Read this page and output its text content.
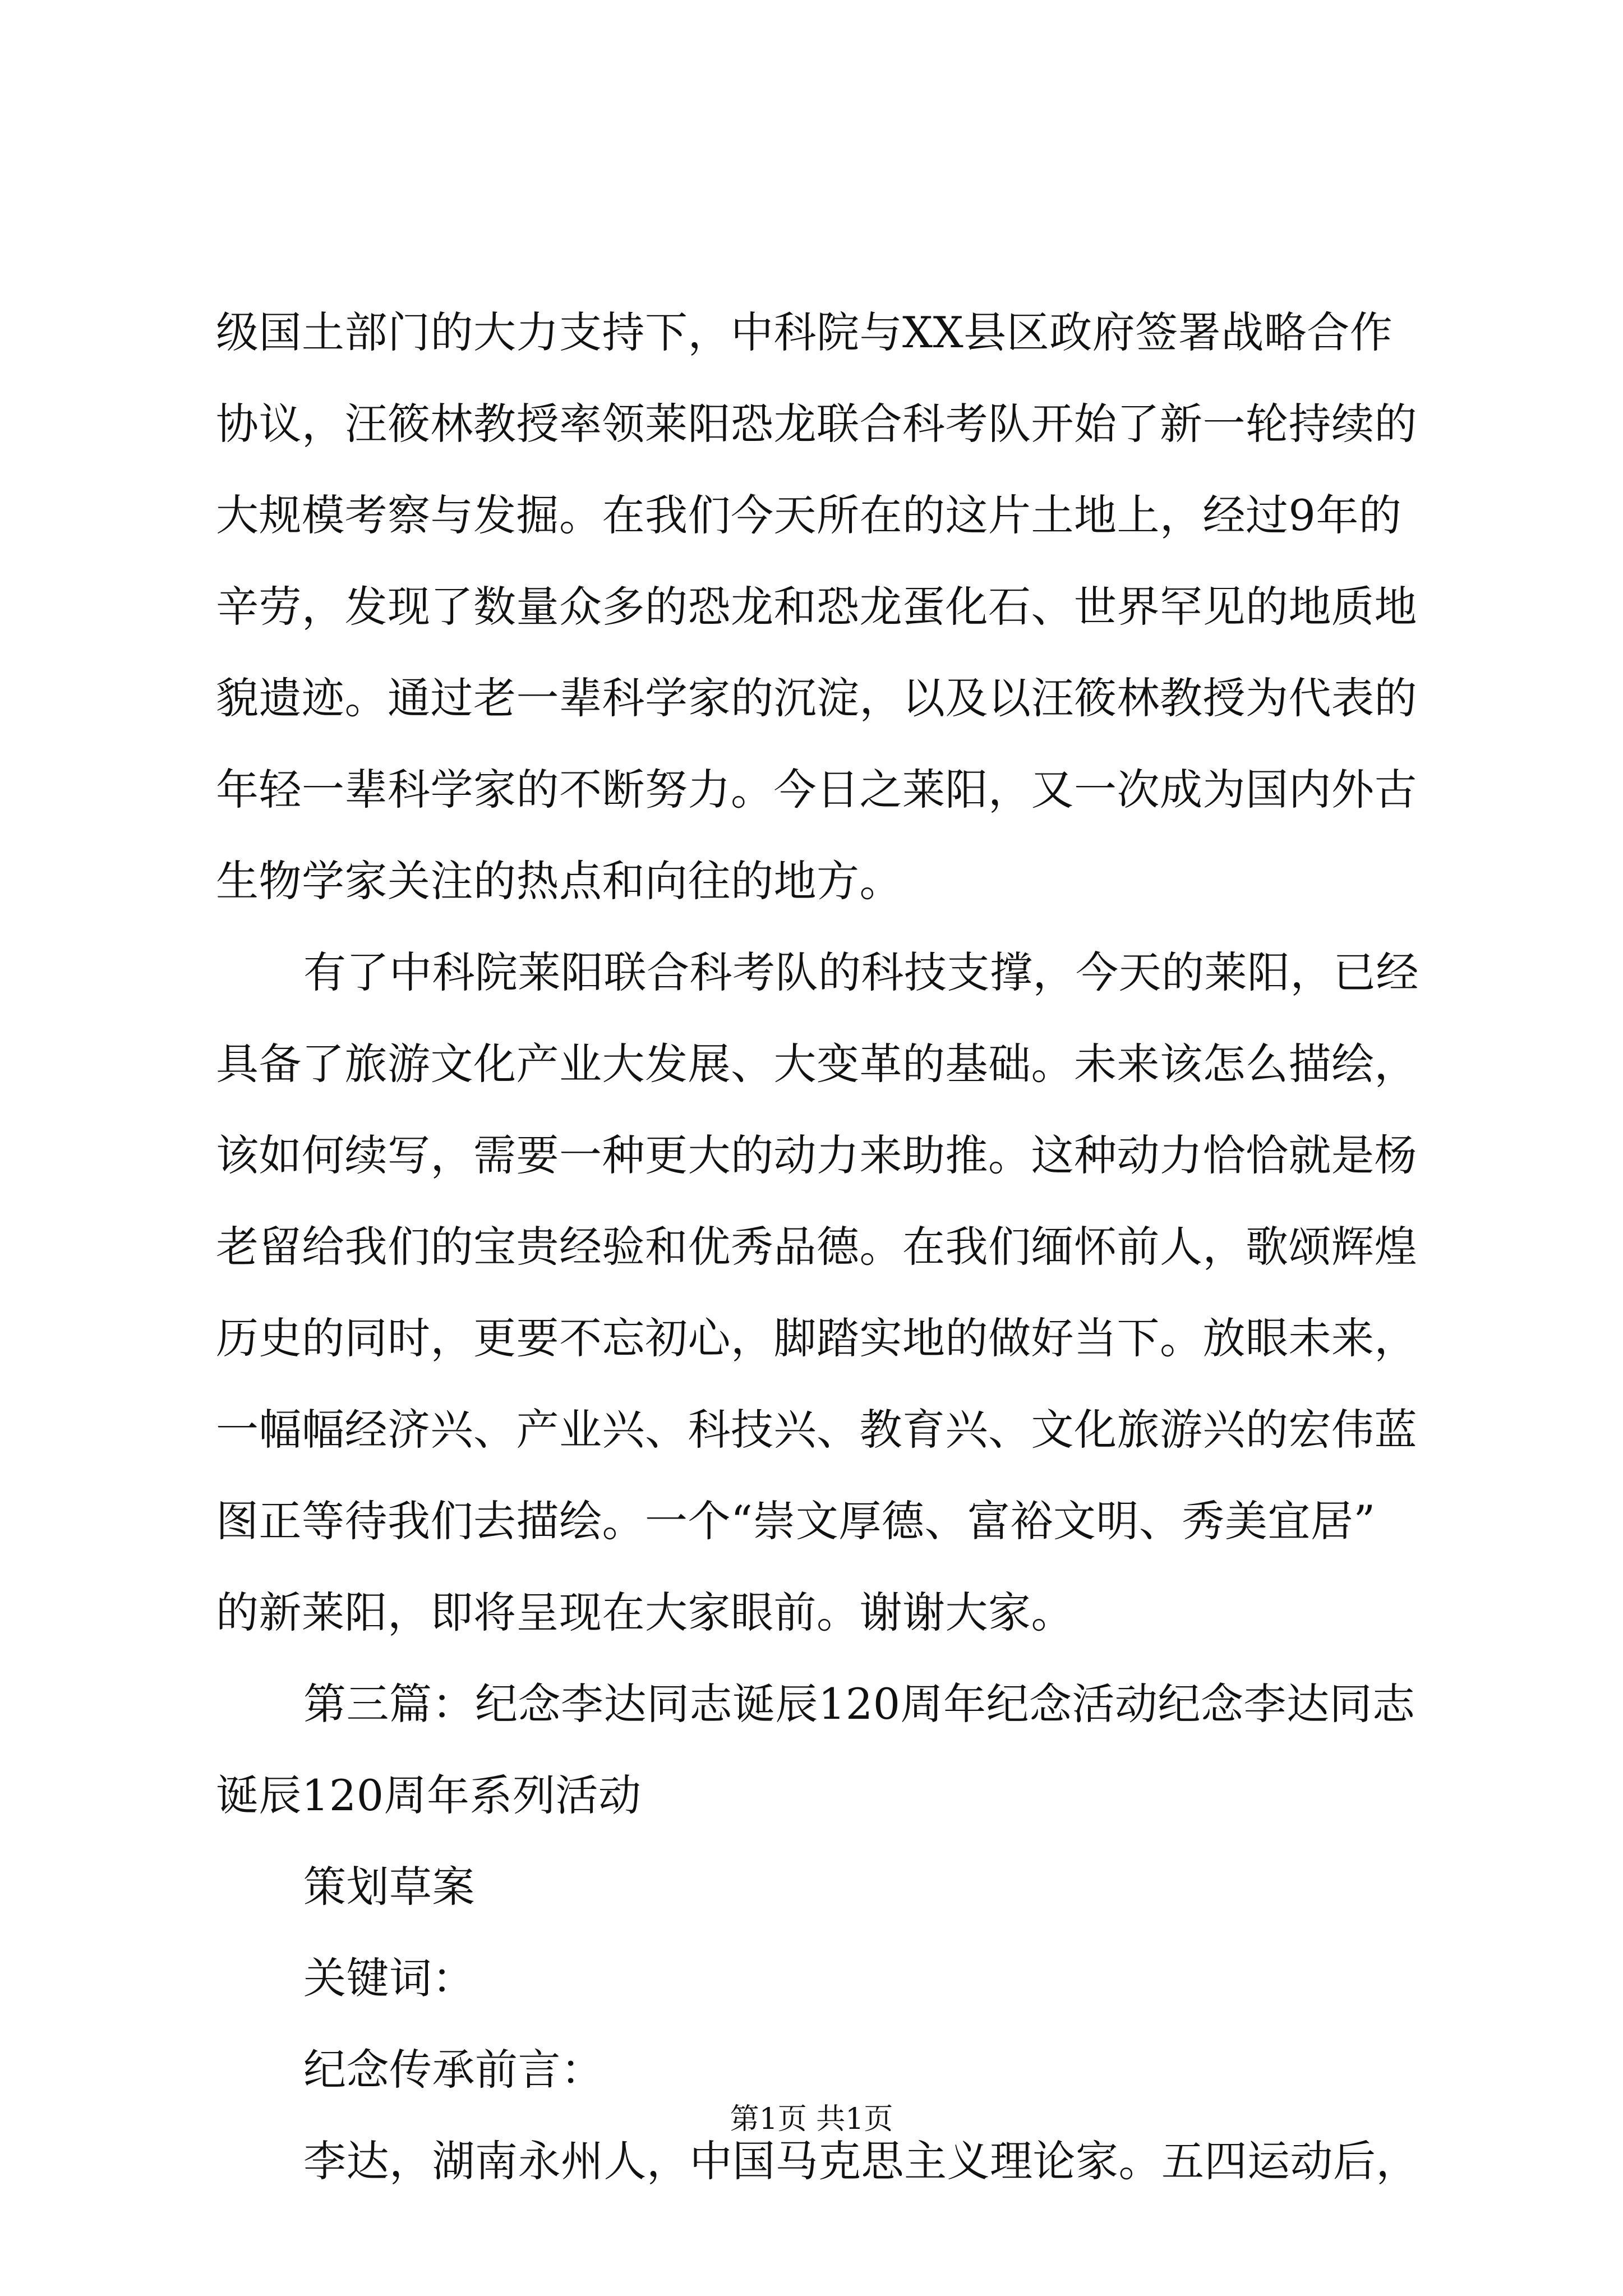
级国土部门的大力支持下，中科院与XX县区政府签署战略合作
协议，汪筱林教授率领莱阳恐龙联合科考队开始了新一轮持续的
大规模考察与发掘。在我们今天所在的这片土地上，经过9年的
辛劳，发现了数量众多的恐龙和恐龙蛋化石、世界罕见的地质地
貌遗迹。通过老一辈科学家的沉淀，以及以汪筱林教授为代表的
年轻一辈科学家的不断努力。今日之莱阳，又一次成为国内外古
生物学家关注的热点和向往的地方。
有了中科院莱阳联合科考队的科技支撑，今天的莱阳，已经
具备了旅游文化产业大发展、大变革的基础。未来该怎么描绘，
该如何续写，需要一种更大的动力来助推。这种动力恰恰就是杨
老留给我们的宝贵经验和优秀品德。在我们缅怀前人，歌颂辉煌
历史的同时，更要不忘初心，脚踏实地的做好当下。放眼未来，
一幅幅经济兴、产业兴、科技兴、教育兴、文化旅游兴的宏伟蓝
图正等待我们去描绘。一个“崇文厚德、富裕文明、秀美宜居”
的新莱阳，即将呈现在大家眼前。谢谢大家。
第三篇：纪念李达同志诞辰120周年纪念活动纪念李达同志
诞辰120周年系列活动
策划草案
关键词：
纪念传承前言：
李达，湖南永州人，中国马克思主义理论家。五四运动后，
第1页 共1页
